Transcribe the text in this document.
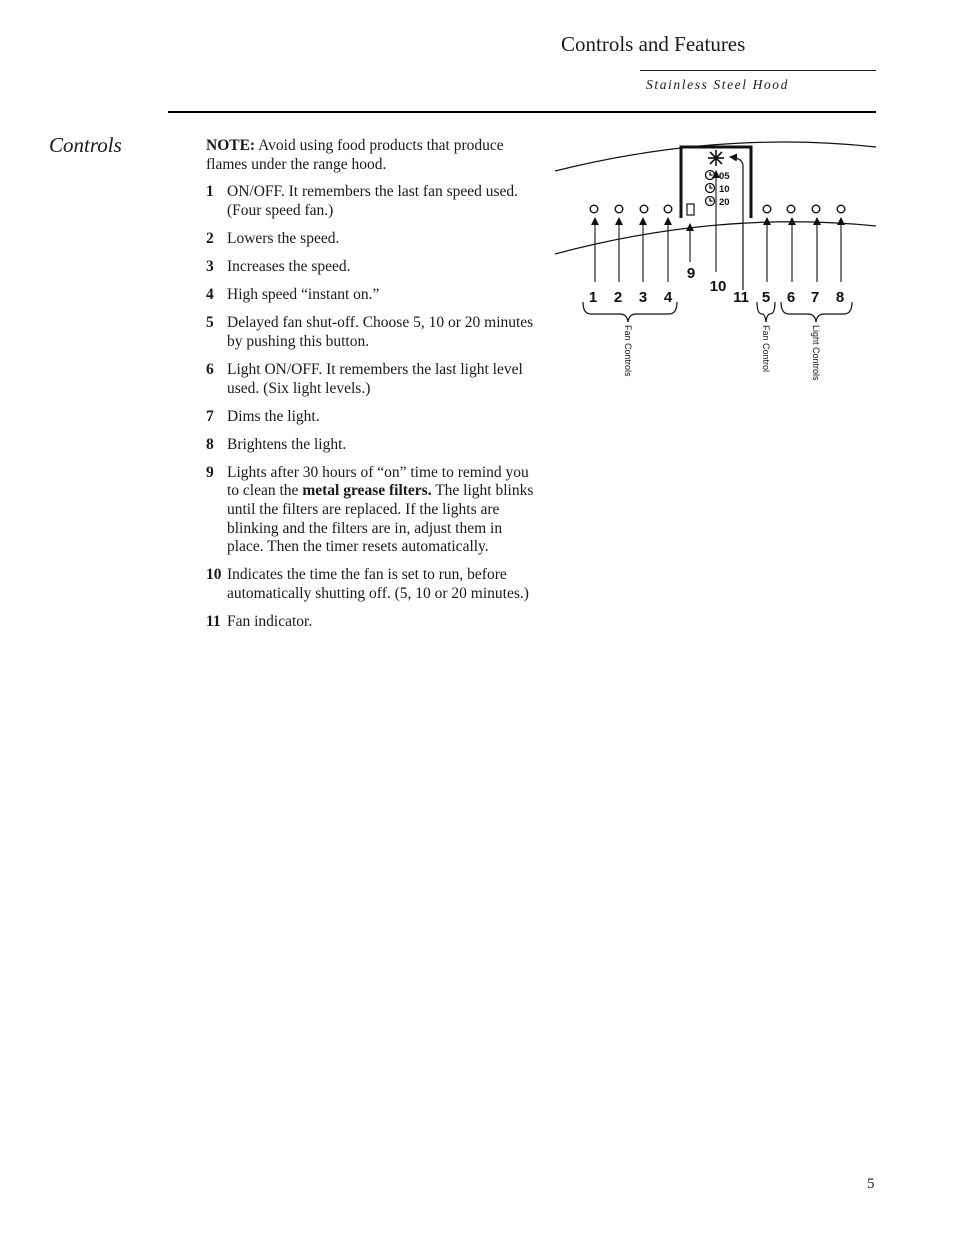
Controls and Features
Stainless Steel Hood
Controls	NOTE: Avoid using food products that produce flames under the range hood.

1 ON/OFF. It remembers the last fan speed used. (Four speed fan.)
2 Lowers the speed.
3 Increases the speed.
4 High speed “instant on.”
5 Delayed fan shut-off. Choose 5, 10 or 20 minutes by pushing this button.
6 Light ON/OFF. It remembers the last light level used. (Six light levels.)
7 Dims the light.
8 Brightens the light.
9 Lights after 30 hours of “on” time to remind you to clean the metal grease filters. The light blinks until the filters are replaced. If the lights are blinking and the filters are in, adjust them in place. Then the timer resets automatically.
10 Indicates the time the fan is set to run, before automatically shutting off. (5, 10 or 20 minutes.)
11 Fan indicator.
05
10
20
1 2 3 4
9
10
11 5 6 7 8
Fan Controls	Fan Control	Light Controls
5
